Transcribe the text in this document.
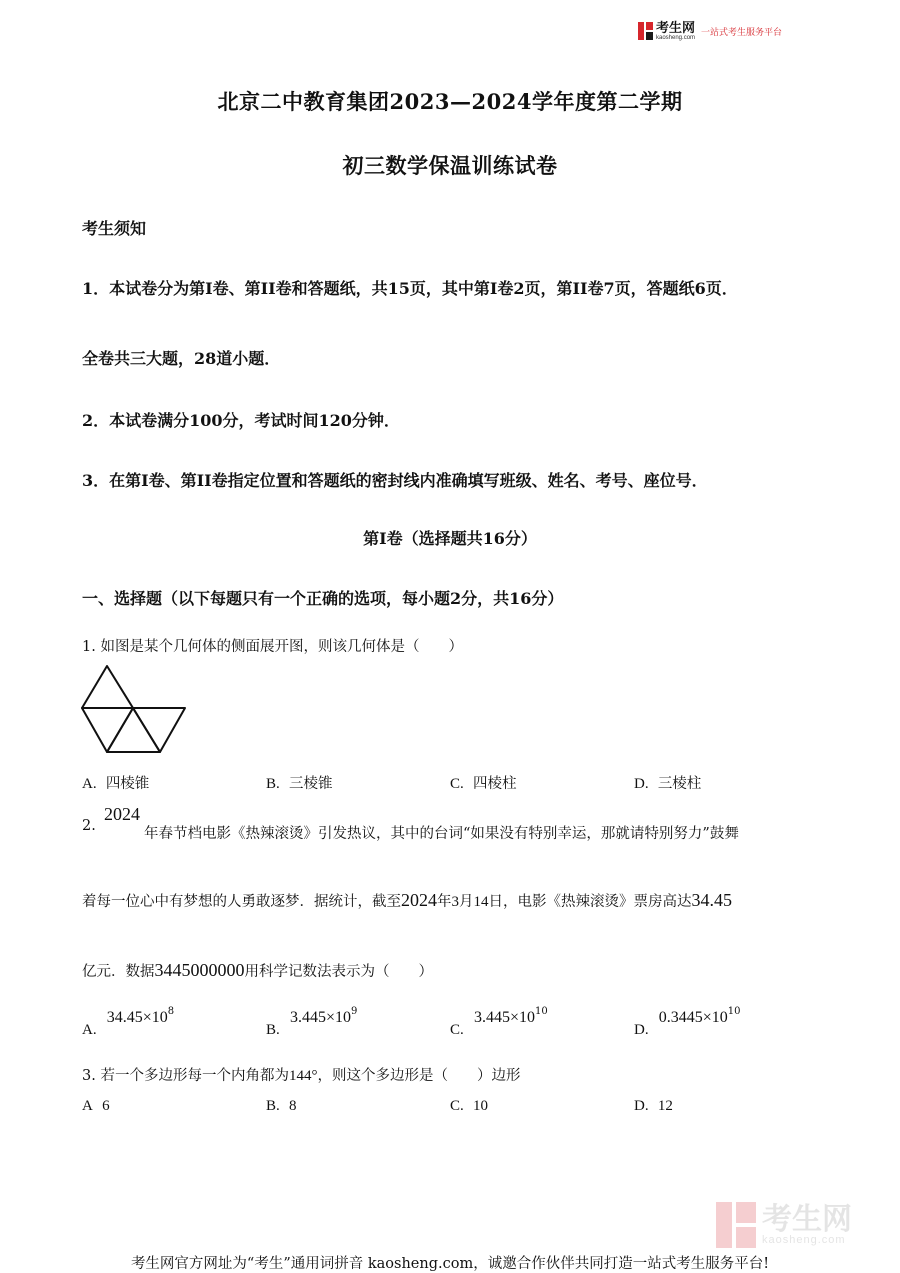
考生网
kaosheng.com 一站式考生服务平台
北京二中教育集团2023—2024学年度第二学期
初三数学保温训练试卷
考生须知
1．本试卷分为第I卷、第II卷和答题纸，共15页，其中第I卷2页，第II卷7页，答题纸6页．
全卷共三大题，28道小题．
2．本试卷满分100分，考试时间120分钟．
3．在第I卷、第II卷指定位置和答题纸的密封线内准确填写班级、姓名、考号、座位号．
第I卷（选择题共16分）
一、选择题（以下每题只有一个正确的选项，每小题2分，共16分）
1. 如图是某个几何体的侧面展开图，则该几何体是（　　）
A. 四棱锥	B. 三棱锥	C. 四棱柱	D. 三棱柱
2.
2024
年春节档电影《热辣滚烫》引发热议，其中的台词“如果没有特别幸运，那就请特别努力”鼓舞
着每一位心中有梦想的人勇敢逐梦．据统计，截至2024年3月14日，电影《热辣滚烫》票房高达34.45
亿元．数据3445000000用科学记数法表示为（　　）
A.  $34.45\times 10^8$
B.  $3.445\times 10^9$
C.  $3.445\times 10^{10}$
D.  $0.3445\times 10^{10}$
3. 若一个多边形每一个内角都为144°，则这个多边形是（　　）边形
A 6	B. 8	C. 10	D. 12
考生网
kaosheng.com
考生网官方网址为“考生”通用词拼音 kaosheng.com，诚邀合作伙伴共同打造一站式考生服务平台!
